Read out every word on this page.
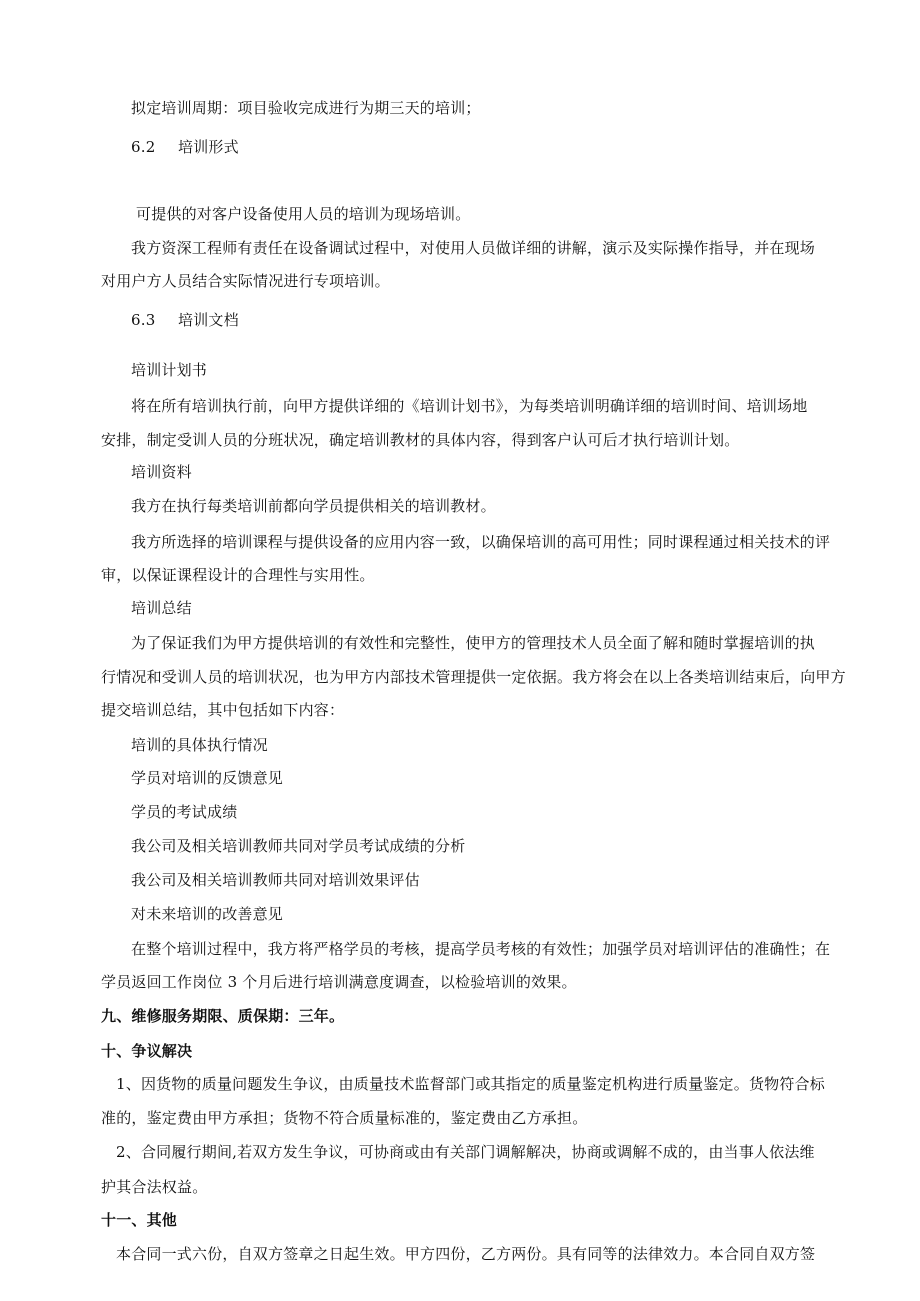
拟定培训周期：项目验收完成进行为期三天的培训；
6.2 培训形式
可提供的对客户设备使用人员的培训为现场培训。
我方资深工程师有责任在设备调试过程中，对使用人员做详细的讲解，演示及实际操作指导，并在现场
对用户方人员结合实际情况进行专项培训。
6.3 培训文档
培训计划书
将在所有培训执行前，向甲方提供详细的《培训计划书》，为每类培训明确详细的培训时间、培训场地
安排，制定受训人员的分班状况，确定培训教材的具体内容，得到客户认可后才执行培训计划。
培训资料
我方在执行每类培训前都向学员提供相关的培训教材。
我方所选择的培训课程与提供设备的应用内容一致，以确保培训的高可用性；同时课程通过相关技术的评
审，以保证课程设计的合理性与实用性。
培训总结
为了保证我们为甲方提供培训的有效性和完整性，使甲方的管理技术人员全面了解和随时掌握培训的执
行情况和受训人员的培训状况，也为甲方内部技术管理提供一定依据。我方将会在以上各类培训结束后，向甲方
提交培训总结，其中包括如下内容：
培训的具体执行情况
学员对培训的反馈意见
学员的考试成绩
我公司及相关培训教师共同对学员考试成绩的分析
我公司及相关培训教师共同对培训效果评估
对未来培训的改善意见
在整个培训过程中，我方将严格学员的考核，提高学员考核的有效性；加强学员对培训评估的准确性；在
学员返回工作岗位 3 个月后进行培训满意度调查，以检验培训的效果。
九、维修服务期限、质保期：三年。
十、争议解决
1、因货物的质量问题发生争议，由质量技术监督部门或其指定的质量鉴定机构进行质量鉴定。货物符合标
准的，鉴定费由甲方承担；货物不符合质量标准的，鉴定费由乙方承担。
2、合同履行期间,若双方发生争议，可协商或由有关部门调解解决，协商或调解不成的，由当事人依法维
护其合法权益。
十一、其他
本合同一式六份，自双方签章之日起生效。甲方四份，乙方两份。具有同等的法律效力。本合同自双方签
